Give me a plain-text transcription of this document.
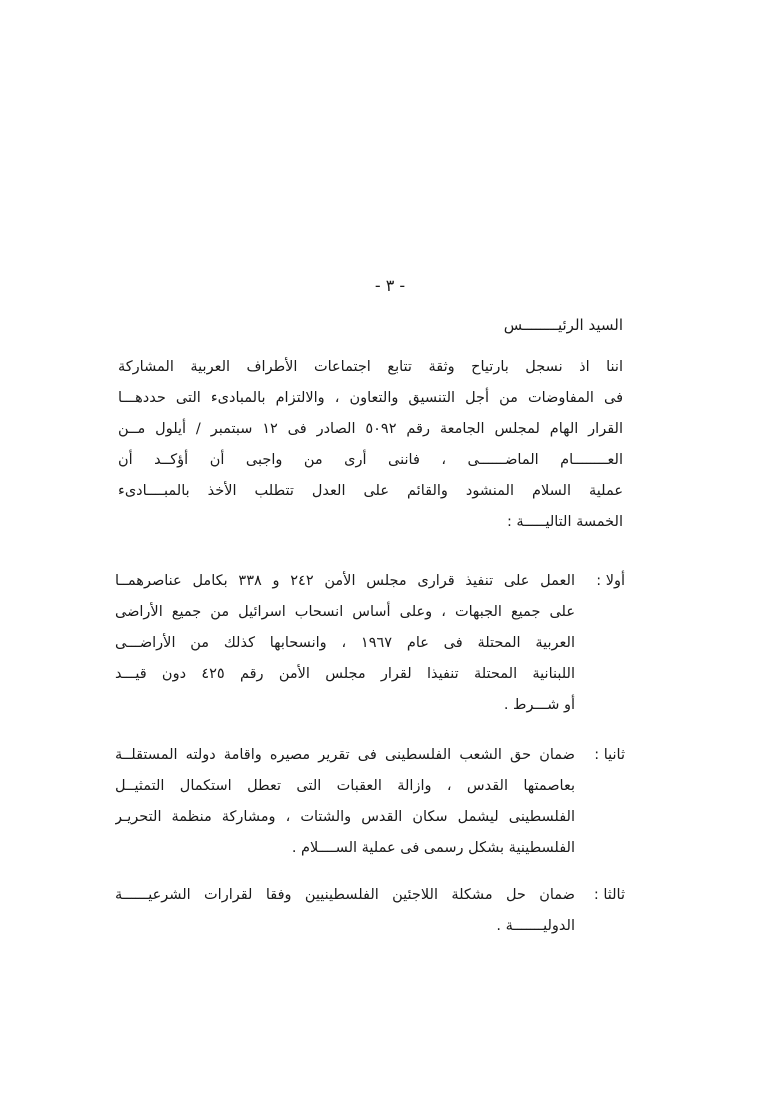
- ٣ -
السيد الرئيــــــــس
اننا اذ نسجل بارتياح وثقة تتابع اجتماعات الأطراف العربية المشاركة
فى المفاوضات من أجل التنسيق والتعاون ، والالتزام بالمبادىء التى حددهـــا
القرار الهام لمجلس الجامعة رقم ٥٠٩٢ الصادر فى ١٢ سبتمبر / أيلول مــن
العــــــــام الماضــــــى ، فاننى أرى من واجبى أن أؤكــد أن
عملية السلام المنشود والقائم على العدل تتطلب الأخذ بالمبــــادىء
الخمسة التاليـــــة :
أولا :
العمل على تنفيذ قرارى مجلس الأمن ٢٤٢ و ٣٣٨ بكامل عناصرهمــا
على جميع الجبهات ، وعلى أساس انسحاب اسرائيل من جميع الأراضى
العربية المحتلة فى عام ١٩٦٧ ، وانسحابها كذلك من الأراضـــى
اللبنانية المحتلة تنفيذا لقرار مجلس الأمن رقم ٤٢٥ دون قيـــد
أو شـــرط .
ثانيا :
ضمان حق الشعب الفلسطينى فى تقرير مصيره واقامة دولته المستقلــة
بعاصمتها القدس ، وازالة العقبات التى تعطل استكمال التمثيــل
الفلسطينى ليشمل سكان القدس والشتات ، ومشاركة منظمة التحريـر
الفلسطينية بشكل رسمى فى عملية الســــلام .
ثالثا :
ضمان حل مشكلة اللاجئين الفلسطينيين وفقا لقرارات الشرعيــــــة
الدوليـــــــة .
